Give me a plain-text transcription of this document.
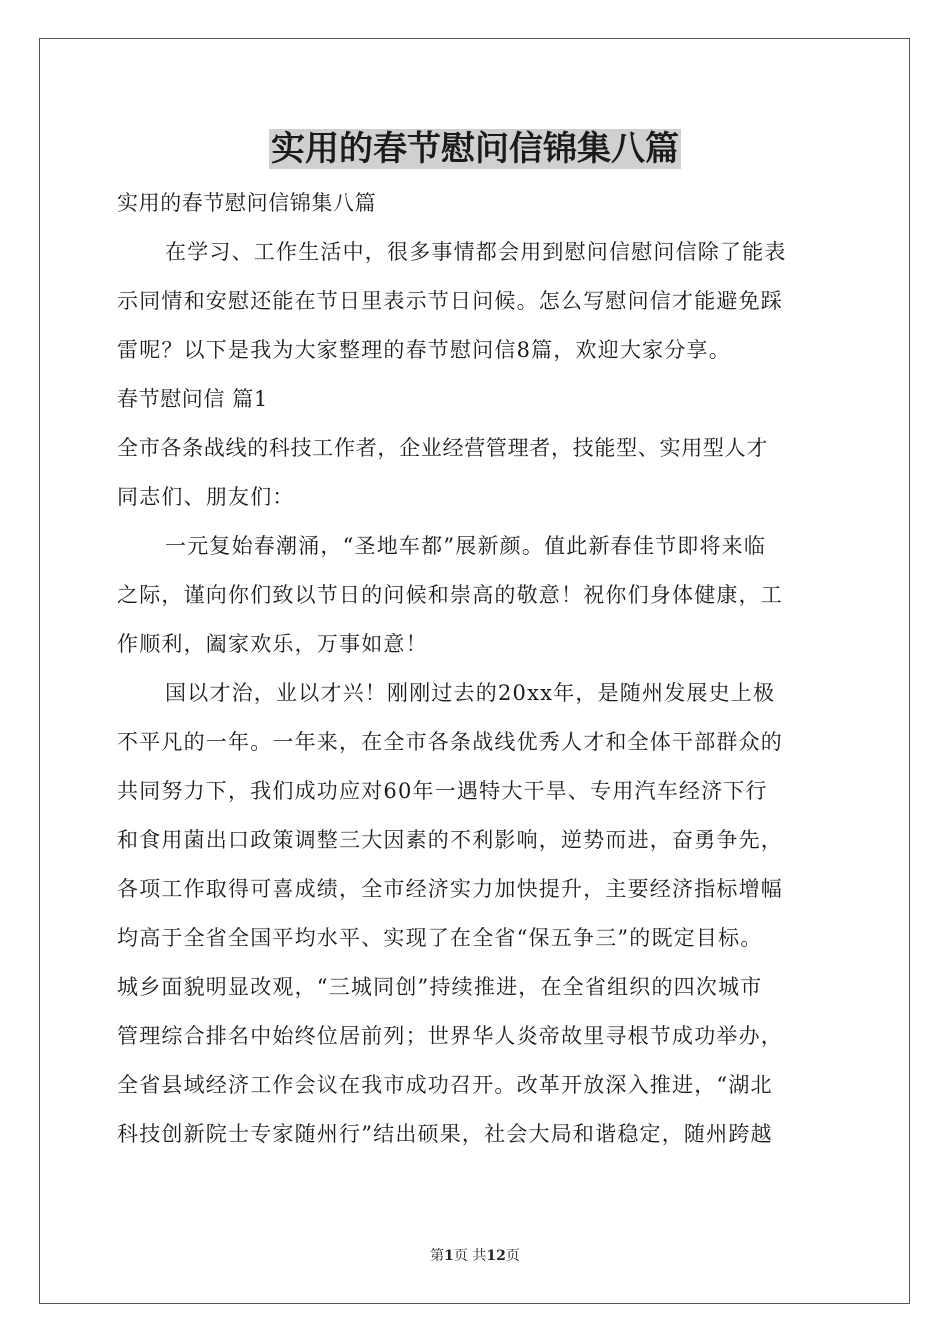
实用的春节慰问信锦集八篇
实用的春节慰问信锦集八篇
在学习、工作生活中，很多事情都会用到慰问信慰问信除了能表
示同情和安慰还能在节日里表示节日问候。怎么写慰问信才能避免踩
雷呢？以下是我为大家整理的春节慰问信8篇，欢迎大家分享。
春节慰问信 篇1
全市各条战线的科技工作者，企业经营管理者，技能型、实用型人才
同志们、朋友们：
一元复始春潮涌，“圣地车都”展新颜。值此新春佳节即将来临
之际，谨向你们致以节日的问候和崇高的敬意！祝你们身体健康，工
作顺利，阖家欢乐，万事如意！
国以才治，业以才兴！刚刚过去的20xx年，是随州发展史上极
不平凡的一年。一年来，在全市各条战线优秀人才和全体干部群众的
共同努力下，我们成功应对60年一遇特大干旱、专用汽车经济下行
和食用菌出口政策调整三大因素的不利影响，逆势而进，奋勇争先，
各项工作取得可喜成绩，全市经济实力加快提升，主要经济指标增幅
均高于全省全国平均水平、实现了在全省“保五争三”的既定目标。
城乡面貌明显改观，“三城同创”持续推进，在全省组织的四次城市
管理综合排名中始终位居前列；世界华人炎帝故里寻根节成功举办，
全省县域经济工作会议在我市成功召开。改革开放深入推进，“湖北
科技创新院士专家随州行”结出硕果，社会大局和谐稳定，随州跨越
第1页 共12页
